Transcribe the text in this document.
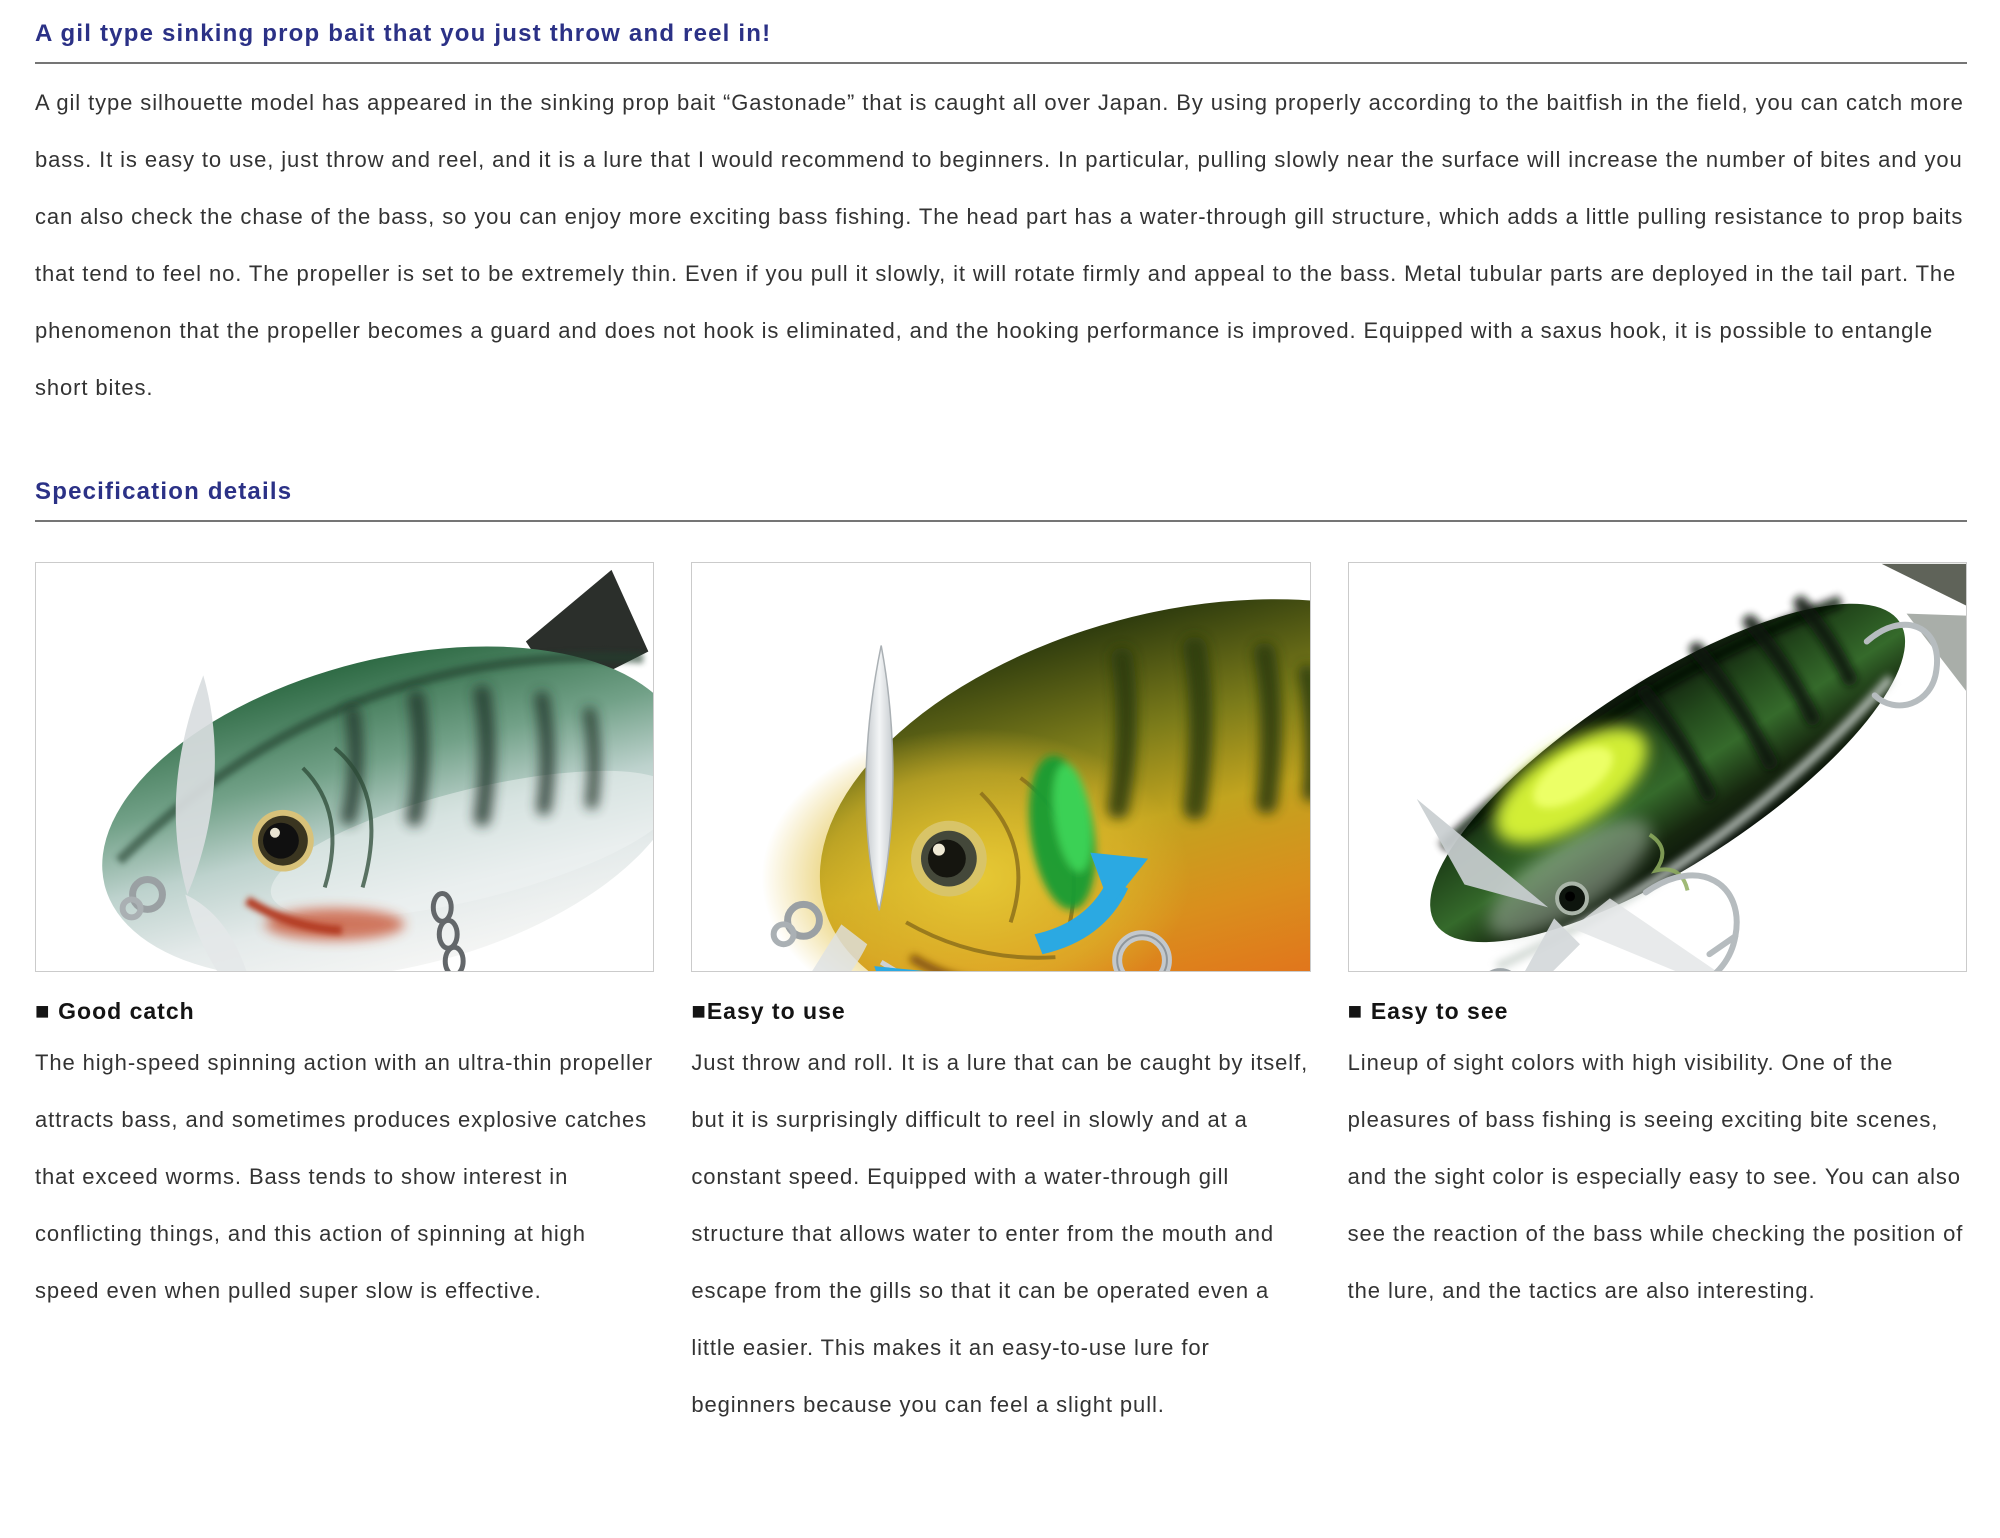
A gil type sinking prop bait that you just throw and reel in!

A gil type silhouette model has appeared in the sinking prop bait “Gastonade” that is caught all over Japan. By using properly according to the baitfish in the field, you can catch more bass. It is easy to use, just throw and reel, and it is a lure that I would recommend to beginners. In particular, pulling slowly near the surface will increase the number of bites and you can also check the chase of the bass, so you can enjoy more exciting bass fishing. The head part has a water-through gill structure, which adds a little pulling resistance to prop baits that tend to feel no. The propeller is set to be extremely thin. Even if you pull it slowly, it will rotate firmly and appeal to the bass. Metal tubular parts are deployed in the tail part. The phenomenon that the propeller becomes a guard and does not hook is eliminated, and the hooking performance is improved. Equipped with a saxus hook, it is possible to entangle short bites.

Specification details
■ Good catch

The high-speed spinning action with an ultra-thin propeller attracts bass, and sometimes produces explosive catches that exceed worms. Bass tends to show interest in conflicting things, and this action of spinning at high speed even when pulled super slow is effective.

■Easy to use

Just throw and roll. It is a lure that can be caught by itself, but it is surprisingly difficult to reel in slowly and at a constant speed. Equipped with a water-through gill structure that allows water to enter from the mouth and escape from the gills so that it can be operated even a little easier. This makes it an easy-to-use lure for beginners because you can feel a slight pull.

■ Easy to see

Lineup of sight colors with high visibility. One of the pleasures of bass fishing is seeing exciting bite scenes, and the sight color is especially easy to see. You can also see the reaction of the bass while checking the position of the lure, and the tactics are also interesting.
